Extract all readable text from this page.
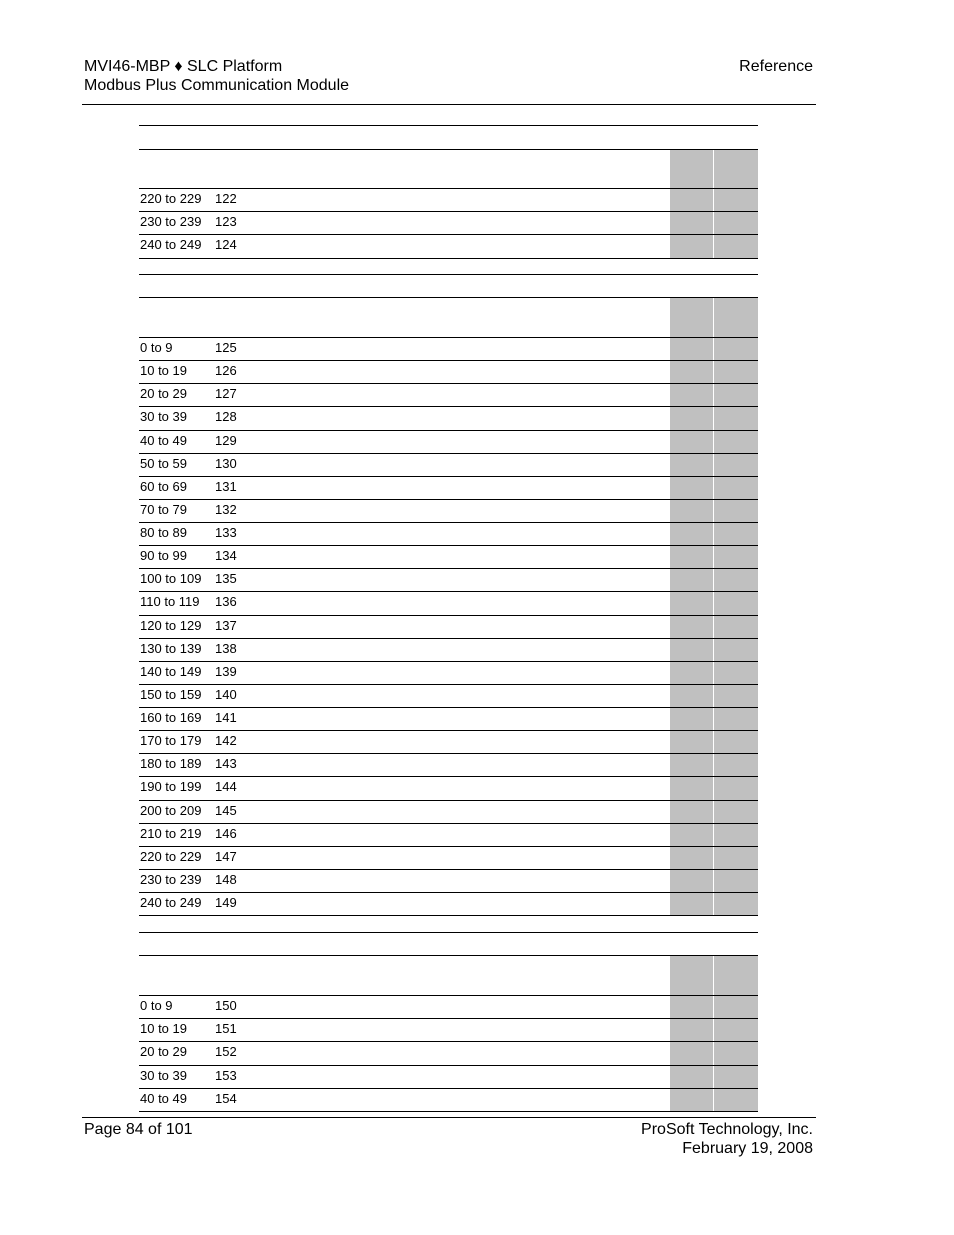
MVI46-MBP ♦ SLC Platform
Modbus Plus Communication Module
Reference
220 to 229 122
230 to 239 123
240 to 249 124
0 to 9	125
10 to 19 126
20 to 29 127
30 to 39 128
40 to 49 129
50 to 59 130
60 to 69 131
70 to 79 132
80 to 89 133
90 to 99 134
100 to 109 135
110 to 119 136
120 to 129 137
130 to 139 138
140 to 149 139
150 to 159 140
160 to 169 141
170 to 179 142
180 to 189 143
190 to 199 144
200 to 209 145
210 to 219 146
220 to 229 147
230 to 239 148
240 to 249 149
0 to 9	150
10 to 19 151
20 to 29 152
30 to 39 153
40 to 49 154
Page 84 of 101	ProSoft Technology, Inc.
February 19, 2008
